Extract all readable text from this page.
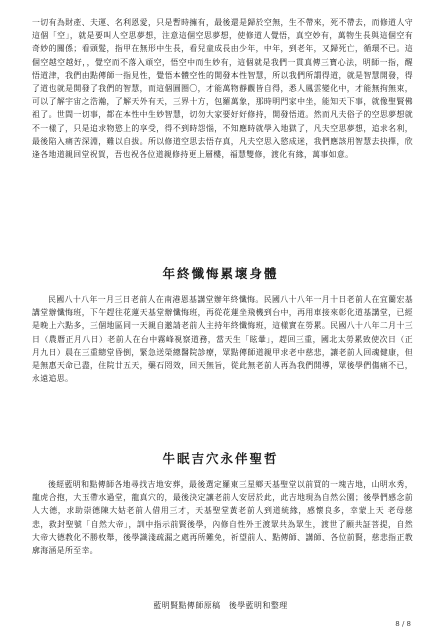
一切有為財產、夫運、名利恩愛，只是暫時擁有，最後還是歸於空無，生不帶來，死不帶去，而修道人守這個「空」，就是要叫人空思夢想，注意這個空思夢想，使修道人覺悟，真空妙有，萬物生長與這個空有奇妙的關係；看頭髮，指甲在無形中生長，看兒童成長由少年，中年，到老年，又歸死亡，循環不已。這個空越空越好，，覺空而不落入頑空，悟空中而生妙有，這個就是我們一貫真傳三寶心法，明師一指，醒悟道津，我們由點傳師一指見性，覺悟本體空性的開發本性智慧，所以我們所謂得道，就是智慧開發，得了道也就是開發了我們的智慧，而這個圓圈〇，才能萬物靜觀皆自得，悉人鳳雲變化中，才能無拘無束，可以了解宇宙之浩瀚，了解天外有天，三界十方，包羅萬象，那時明門家中坐，能知天下事，就像聖賢佛祖了。世間一切事，都在本性中生妙智慧，切勿大家要好好修持，開發悟道。然而凡夫俗子的空思夢想就不一樣了，只是追求物慾上的享受，得不到時怨惱，不知應時就學入地獄了，凡夫空思夢想，追求名利，最後陷入痛苦深淵，難以自拔。所以修道空思去悟存真，凡夫空思入慾成迷，我們應該用智慧去抉擇，欣逢各地道親回堂祝賀，吾也祝各位道親修持更上層樓，福慧雙修，渡化有緣，萬事如意。

年終懺悔累壞身體

民國八十八年一月三日老前人在南港恩基講堂辦年終懺悔。民國八十八年一月十日老前人在宜蘭宏基講堂辦懺悔班，下午趕往花蓮天基堂辦懺悔班，再從花蓮坐飛機到台中，再用車接來彰化道基講堂，已經是晚上六點多，三個地區同一天親自邀請老前人主持年終懺悔班，這樣實在勞累。民國八十八年二月十三日（農曆正月八日）老前人在台中霧峰視察道務，當天生「眩暈」，趕回三重，國北太勞累致使次日（正月九日）晨在三重總堂昏倒，緊急送榮總醫院診療，眾點傳師道親甲求老中慈悲，讓老前人回魂健康，但是無惠天命已盡，住院廿五天，藥石罔效，回天無旨，從此無老前人再為我們開導，眾後學們傷痛不已，永遠追思。

牛眠吉穴永伴聖哲

後經藍明和點傳師各地尋找吉地安葬，最後選定羅東三星鄉天基聖堂以前買的一塊吉地，山明水秀，龍虎合抱，大玉帶水過堂，龍真穴的，最後決定讓老前人安居於此，此吉地現為自然公園；後學們感念前人大德，求助崇德陳大姑老前人借用三才，天基聖堂黃老前人到道統緣，感懷良多，幸蒙上天 老母慈悲，救封聖號「自然大帝」，訓中指示前賢後學，內修自性外王渡眾共為眾生，渡世了願共証菩提，自然大帝大德教化不勝枚舉，後學識淺疏漏之處再所難免，祈望前人、點傳師、講師、各位前賢，慈悲指正教廓海涵是所至幸。

藍明賢點傳師原稿　後學藍明和整理

8 / 8
